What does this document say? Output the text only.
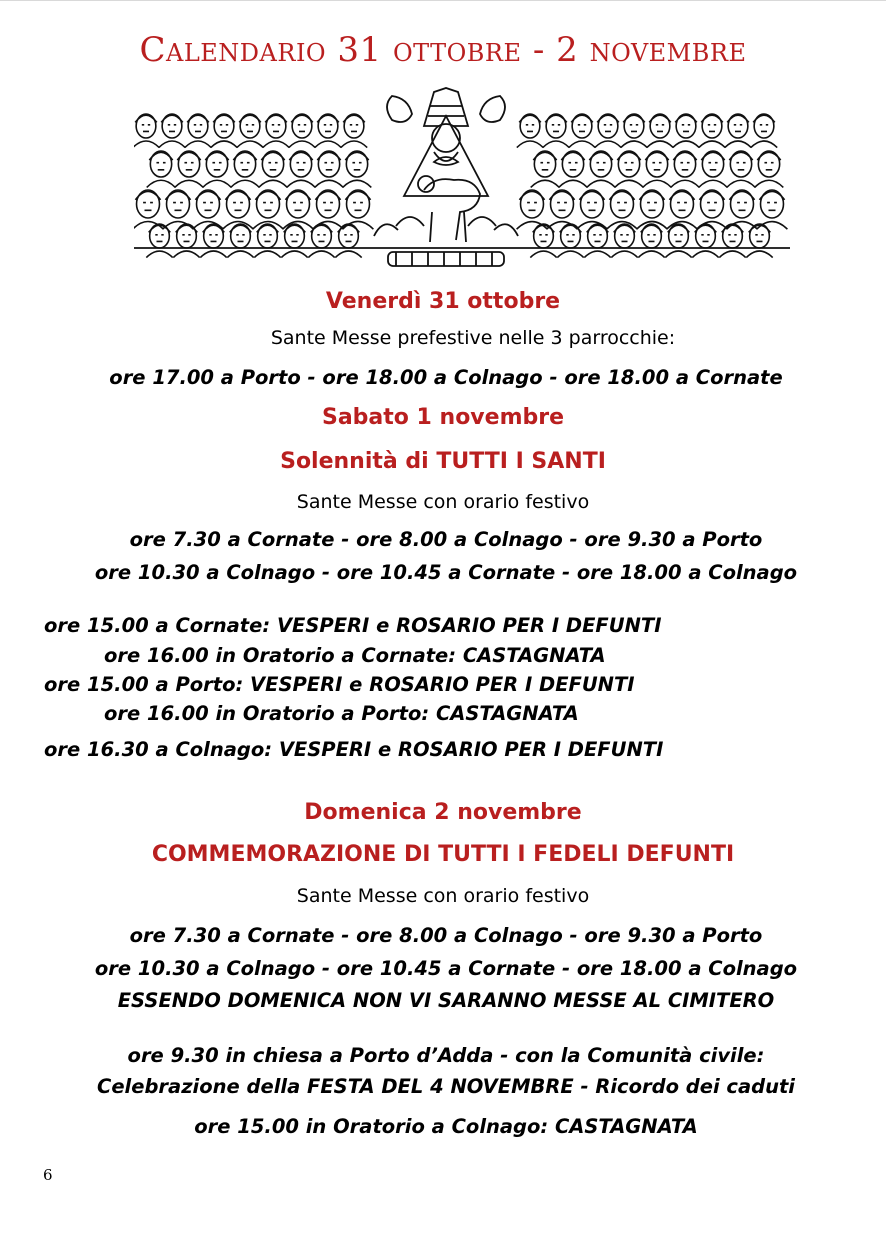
Calendario 31 ottobre - 2 novembre
Venerdì 31 ottobre
Sante Messe prefestive nelle 3 parrocchie:
ore 17.00 a Porto - ore 18.00 a Colnago - ore 18.00 a Cornate
Sabato 1 novembre
Solennità di TUTTI I SANTI
Sante Messe con orario festivo
ore 7.30 a Cornate - ore 8.00 a Colnago - ore 9.30 a Porto
ore 10.30 a Colnago - ore 10.45 a Cornate - ore 18.00 a Colnago
ore 15.00 a Cornate: VESPERI e ROSARIO PER I DEFUNTI
ore 16.00 in Oratorio a Cornate: CASTAGNATA
ore 15.00 a Porto: VESPERI e ROSARIO PER I DEFUNTI
ore 16.00 in Oratorio a Porto: CASTAGNATA
ore 16.30 a Colnago: VESPERI e ROSARIO PER I DEFUNTI
Domenica 2 novembre
COMMEMORAZIONE DI TUTTI I FEDELI DEFUNTI
Sante Messe con orario festivo
ore 7.30 a Cornate - ore 8.00 a Colnago - ore 9.30 a Porto
ore 10.30 a Colnago - ore 10.45 a Cornate - ore 18.00 a Colnago
ESSENDO DOMENICA NON VI SARANNO MESSE AL CIMITERO
ore 9.30 in chiesa a Porto d’Adda - con la Comunità civile:
Celebrazione della FESTA DEL 4 NOVEMBRE - Ricordo dei caduti
ore 15.00 in Oratorio a Colnago: CASTAGNATA
6
